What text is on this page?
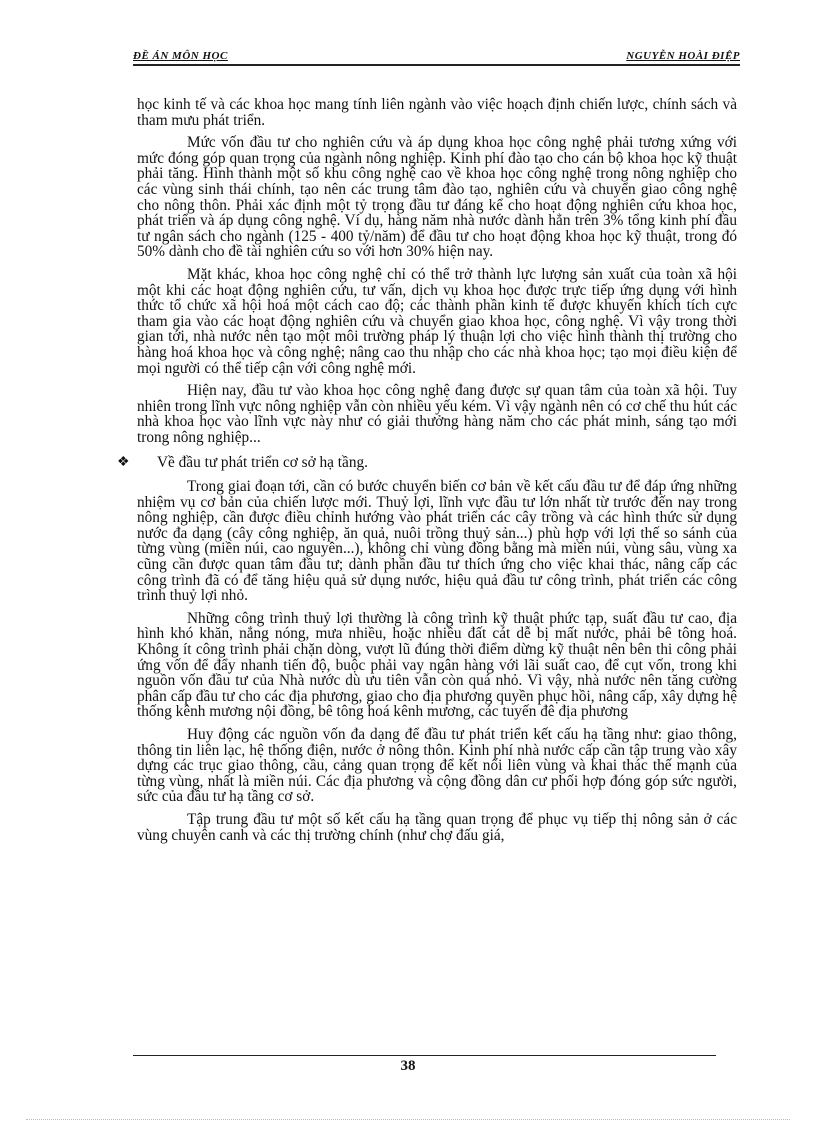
ĐỀ ÁN MÔN HỌC	NGUYỄN HOÀI ĐIỆP

học kinh tế và các khoa học mang tính liên ngành vào việc hoạch định chiến lược, chính sách và tham mưu phát triển.

Mức vốn đầu tư cho nghiên cứu và áp dụng khoa học công nghệ phải tương xứng với mức đóng góp quan trọng của ngành nông nghiệp. Kinh phí đào tạo cho cán bộ khoa học kỹ thuật phải tăng. Hình thành một số khu công nghệ cao về khoa học công nghệ trong nông nghiệp cho các vùng sinh thái chính, tạo nên các trung tâm đào tạo, nghiên cứu và chuyển giao công nghệ cho nông thôn. Phải xác định một tỷ trọng đầu tư đáng kể cho hoạt động nghiên cứu khoa học, phát triển và áp dụng công nghệ. Ví dụ, hàng năm nhà nước dành hẳn trên 3% tổng kinh phí đầu tư ngân sách cho ngành (125 - 400 tỷ/năm) để đầu tư cho hoạt động khoa học kỹ thuật, trong đó 50% dành cho đề tài nghiên cứu so với hơn 30% hiện nay.

Mặt khác, khoa học công nghệ chỉ có thể trở thành lực lượng sản xuất của toàn xã hội một khi các hoạt động nghiên cứu, tư vấn, dịch vụ khoa học được trực tiếp ứng dụng với hình thức tổ chức xã hội hoá một cách cao độ; các thành phần kinh tế được khuyến khích tích cực tham gia vào các hoạt động nghiên cứu và chuyển giao khoa học, công nghệ. Vì vậy trong thời gian tới, nhà nước nên tạo một môi trường pháp lý thuận lợi cho việc hình thành thị trường cho hàng hoá khoa học và công nghệ; nâng cao thu nhập cho các nhà khoa học; tạo mọi điều kiện để mọi người có thể tiếp cận với công nghệ mới.

Hiện nay, đầu tư vào khoa học công nghệ đang được sự quan tâm của toàn xã hội. Tuy nhiên trong lĩnh vực nông nghiệp vẫn còn nhiều yếu kém. Vì vậy ngành nên có cơ chế thu hút các nhà khoa học vào lĩnh vực này như có giải thưởng hàng năm cho các phát minh, sáng tạo mới trong nông nghiệp...

❖	Về đầu tư phát triển cơ sở hạ tầng.

Trong giai đoạn tới, cần có bước chuyển biến cơ bản về kết cấu đầu tư để đáp ứng những nhiệm vụ cơ bản của chiến lược mới. Thuỷ lợi, lĩnh vực đầu tư lớn nhất từ trước đến nay trong nông nghiệp, cần được điều chỉnh hướng vào phát triển các cây trồng và các hình thức sử dụng nước đa dạng (cây công nghiệp, ăn quả, nuôi trồng thuỷ sản...) phù hợp với lợi thế so sánh của từng vùng (miền núi, cao nguyên...), không chỉ vùng đồng bằng mà miền núi, vùng sâu, vùng xa cũng cần được quan tâm đầu tư; dành phần đầu tư thích ứng cho việc khai thác, nâng cấp các công trình đã có để tăng hiệu quả sử dụng nước, hiệu quả đầu tư công trình, phát triển các công trình thuỷ lợi nhỏ.

Những công trình thuỷ lợi thường là công trình kỹ thuật phức tạp, suất đầu tư cao, địa hình khó khăn, nắng nóng, mưa nhiều, hoặc nhiều đất cát dễ bị mất nước, phải bê tông hoá. Không ít công trình phải chặn dòng, vượt lũ đúng thời điểm dừng kỹ thuật nên bên thi công phải ứng vốn để đẩy nhanh tiến độ, buộc phải vay ngân hàng với lãi suất cao, để cụt vốn, trong khi nguồn vốn đầu tư của Nhà nước dù ưu tiên vẫn còn quá nhỏ. Vì vậy, nhà nước nên tăng cường phân cấp đầu tư cho các địa phương, giao cho địa phương quyền phục hồi, nâng cấp, xây dựng hệ thống kênh mương nội đồng, bê tông hoá kênh mương, các tuyến đê địa phương

Huy động các nguồn vốn đa dạng để đầu tư phát triển kết cấu hạ tầng như: giao thông, thông tin liên lạc, hệ thống điện, nước ở nông thôn. Kinh phí nhà nước cấp cần tập trung vào xây dựng các trục giao thông, cầu, cảng quan trọng để kết nối liên vùng và khai thác thế mạnh của từng vùng, nhất là miền núi. Các địa phương và cộng đồng dân cư phối hợp đóng góp sức người, sức của đầu tư hạ tầng cơ sở.

Tập trung đầu tư một số kết cấu hạ tầng quan trọng để phục vụ tiếp thị nông sản ở các vùng chuyên canh và các thị trường chính (như chợ đấu giá,

38
